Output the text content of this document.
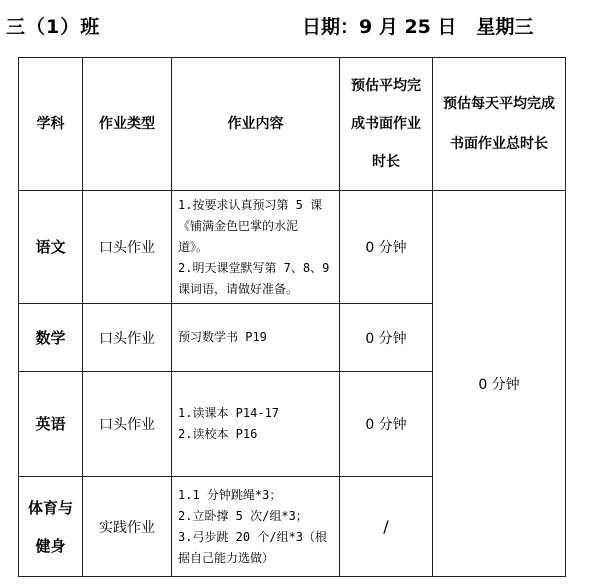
三（1）班	日期：9 月 25 日   星期三
学科	作业类型	作业内容	预估平均完
成书面作业
时长	预估每天平均完成
书面作业总时长

语文	口头作业	1.按要求认真预习第 5 课
《铺满金色巴掌的水泥
道》。
2.明天课堂默写第 7、8、9
课词语，请做好准备。	0 分钟	0 分钟

数学	口头作业	预习数学书 P19	0 分钟	

英语	口头作业	1.读课本 P14-17
2.读校本 P16	0 分钟	

体育与
健身	实践作业	1.1 分钟跳绳*3；
2.立卧撑 5 次/组*3；
3.弓步跳 20 个/组*3（根
据自己能力选做）	/	
